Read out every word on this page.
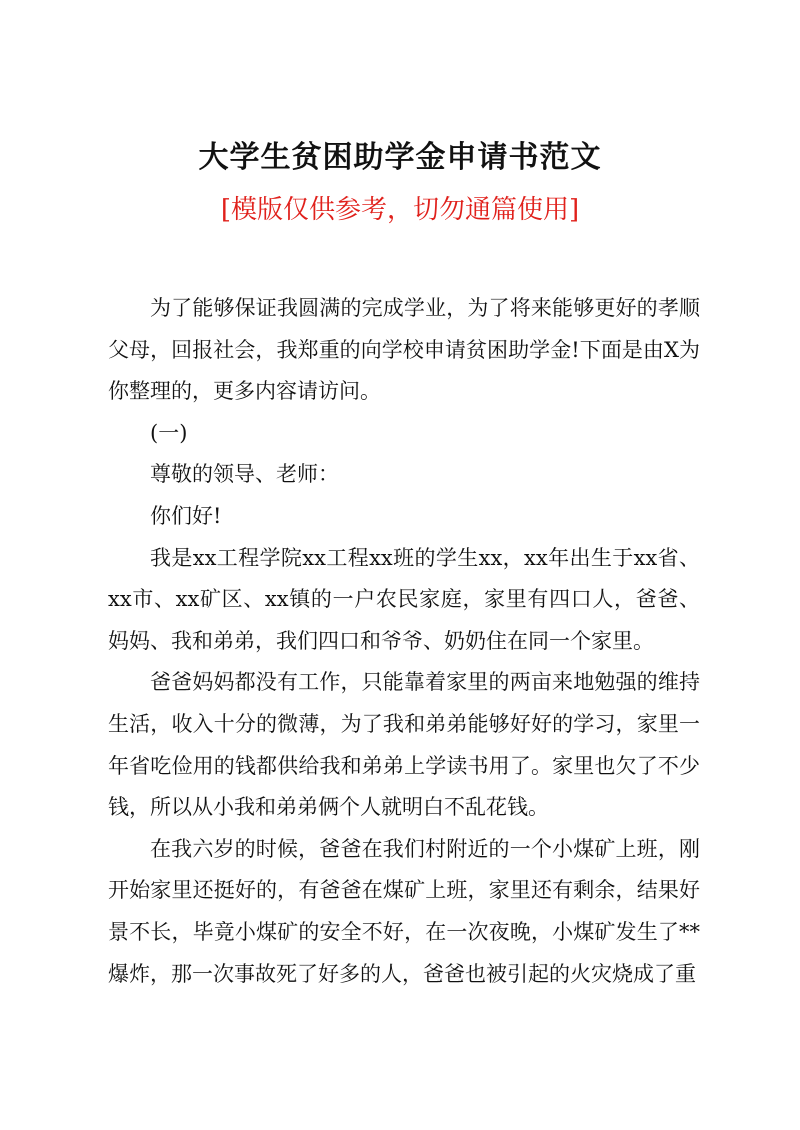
大学生贫困助学金申请书范文
[模版仅供参考，切勿通篇使用]

为了能够保证我圆满的完成学业，为了将来能够更好的孝顺父母，回报社会，我郑重的向学校申请贫困助学金!下面是由X为你整理的，更多内容请访问。

(一)

尊敬的领导、老师：

你们好!

我是xx工程学院xx工程xx班的学生xx，xx年出生于xx省、xx市、xx矿区、xx镇的一户农民家庭，家里有四口人，爸爸、妈妈、我和弟弟，我们四口和爷爷、奶奶住在同一个家里。

爸爸妈妈都没有工作，只能靠着家里的两亩来地勉强的维持生活，收入十分的微薄，为了我和弟弟能够好好的学习，家里一年省吃俭用的钱都供给我和弟弟上学读书用了。家里也欠了不少钱，所以从小我和弟弟俩个人就明白不乱花钱。

在我六岁的时候，爸爸在我们村附近的一个小煤矿上班，刚开始家里还挺好的，有爸爸在煤矿上班，家里还有剩余，结果好景不长，毕竟小煤矿的安全不好，在一次夜晚，小煤矿发生了**爆炸，那一次事故死了好多的人，爸爸也被引起的火灾烧成了重
